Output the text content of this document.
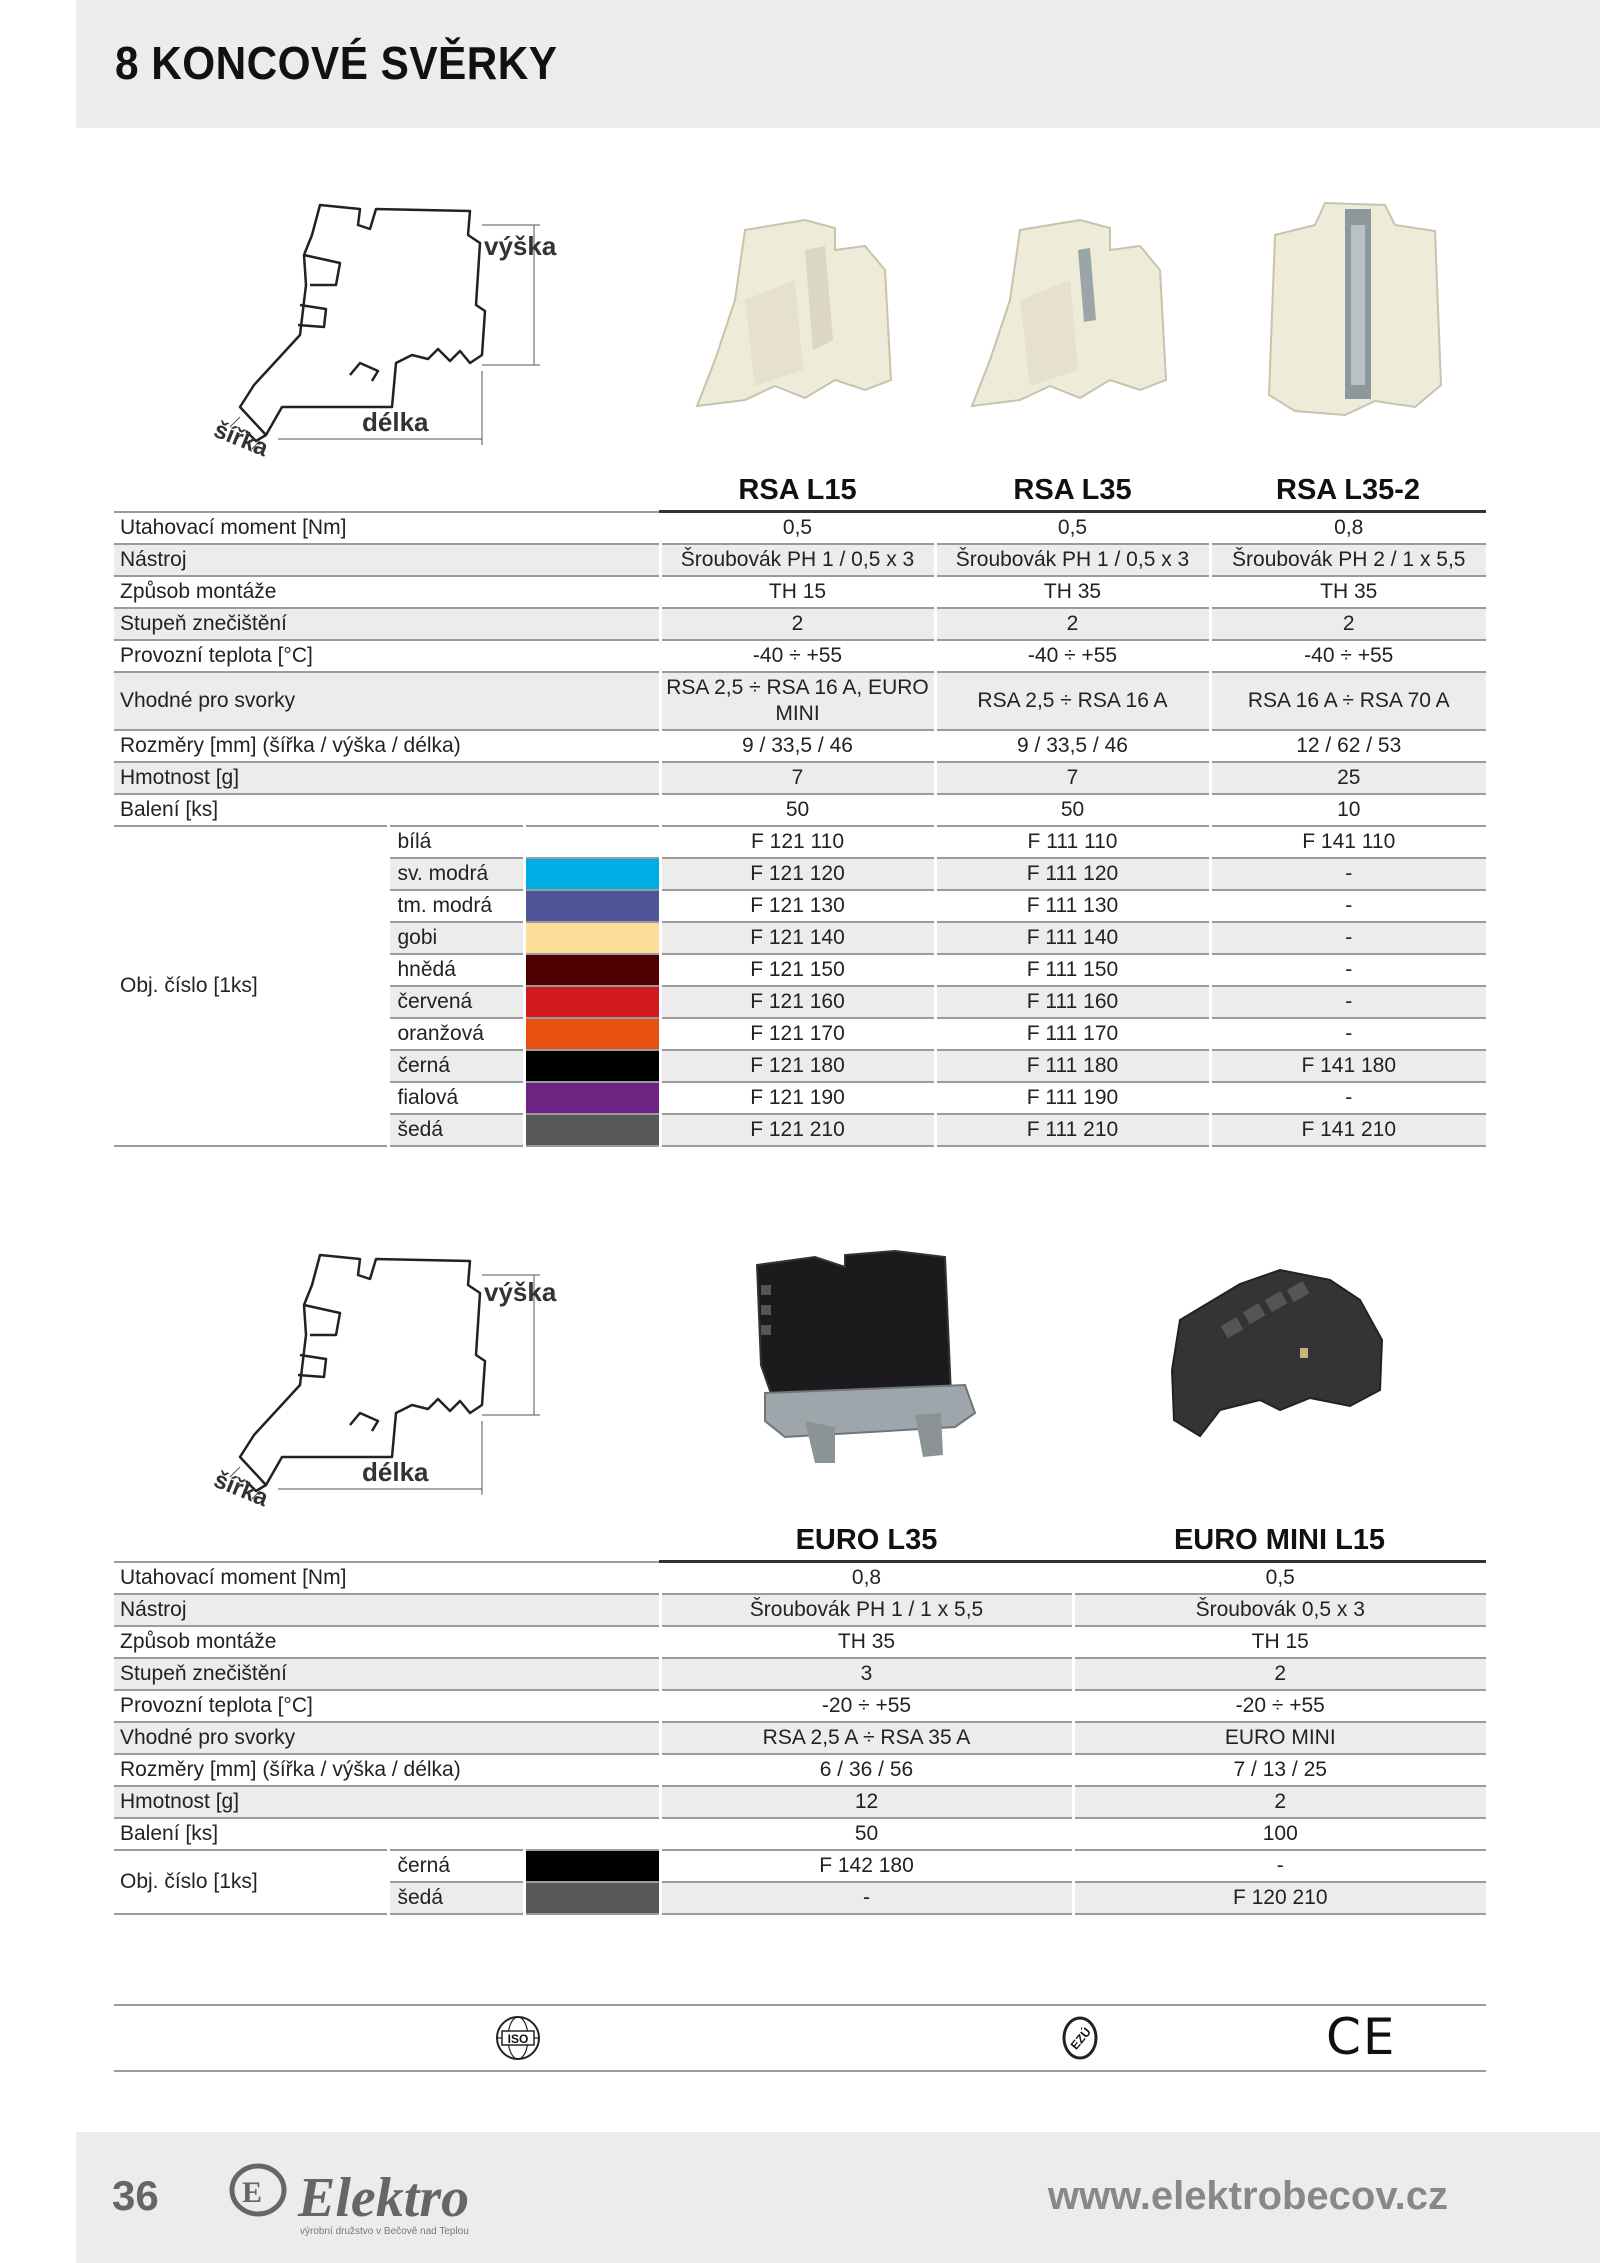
8 KONCOVÉ SVĚRKY
výška
délka
šířka
			RSA L15	RSA L35	RSA L35-2
Utahovací moment [Nm]			0,5	0,5	0,8
Nástroj			Šroubovák PH 1 / 0,5 x 3	Šroubovák PH 1 / 0,5 x 3	Šroubovák PH 2 / 1 x 5,5
Způsob montáže			TH 15	TH 35	TH 35
Stupeň znečištění			2	2	2
Provozní teplota [°C]			-40 ÷ +55	-40 ÷ +55	-40 ÷ +55
Vhodné pro svorky			RSA 2,5 ÷ RSA 16 A, EURO MINI	RSA 2,5 ÷ RSA 16 A	RSA 16 A ÷ RSA 70 A
Rozměry [mm] (šířka / výška / délka)			9 / 33,5 / 46	9 / 33,5 / 46	12 / 62 / 53
Hmotnost [g]			7	7	25
Balení [ks]			50	50	10
Obj. číslo [1ks]	bílá		F 121 110	F 111 110	F 141 110
	sv. modrá		F 121 120	F 111 120	-
	tm. modrá		F 121 130	F 111 130	-
	gobi		F 121 140	F 111 140	-
	hnědá		F 121 150	F 111 150	-
	červená		F 121 160	F 111 160	-
	oranžová		F 121 170	F 111 170	-
	černá		F 121 180	F 111 180	F 141 180
	fialová		F 121 190	F 111 190	-
	šedá		F 121 210	F 111 210	F 141 210
výška
délka
šířka
			EURO L35	EURO MINI L15
Utahovací moment [Nm]			0,8	0,5
Nástroj			Šroubovák PH 1 / 1 x 5,5	Šroubovák 0,5 x 3
Způsob montáže			TH 35	TH 15
Stupeň znečištění			3	2
Provozní teplota [°C]			-20 ÷ +55	-20 ÷ +55
Vhodné pro svorky			RSA 2,5 A ÷ RSA 35 A	EURO MINI
Rozměry [mm] (šířka / výška / délka)			6 / 36 / 56	7 / 13 / 25
Hmotnost [g]			12	2
Balení [ks]			50	100
Obj. číslo [1ks]	černá		F 142 180	-
	šedá		-	F 120 210
ISO	EZÚ	CE
36	E Elektro
výrobní družstvo v Bečově nad Teplou
www.elektrobecov.cz
